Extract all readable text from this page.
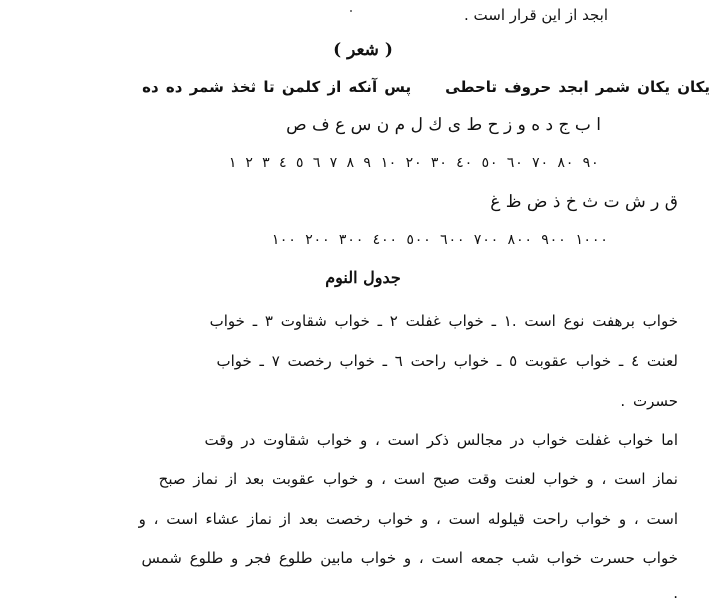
ابجد از این قرار است .
( شعر )
یکان یکان شمر ابجد حروف تاحطیپس آنکه از کلمن تا ثخذ شمر ده ده
ا ب ج د ه و ز ح ط ی ك ل م ن س ع ف ص
٩٠ ٨٠ ٧٠ ٦٠ ٥٠ ٤٠ ٣٠ ٢٠ ١٠ ٩ ٨ ٧ ٦ ٥ ٤ ٣ ٢ ١
ق ر ش ت ث خ ذ ض ظ غ
١٠٠٠ ٩٠٠ ٨٠٠ ٧٠٠ ٦٠٠ ٥٠٠ ٤٠٠ ٣٠٠ ٢٠٠ ١٠٠
جدول النوم
خواب برهفت نوع است .١ ـ خواب غفلت ٢ ـ خواب شقاوت ٣ ـ خواب
لعنت ٤ ـ خواب عقوبت ٥ ـ خواب راحت ٦ ـ خواب رخصت ٧ ـ خواب
حسرت .
اما خواب غفلت خواب در مجالس ذکر است ، و خواب شقاوت در وقت
نماز است ، و خواب لعنت وقت صبح است ، و خواب عقوبت بعد از نماز صبح
است ، و خواب راحت قیلوله است ، و خواب رخصت بعد از نماز عشاء است ، و
خواب حسرت خواب شب جمعه است ، و خواب مابین طلوع فجر و طلوع شمس
.
